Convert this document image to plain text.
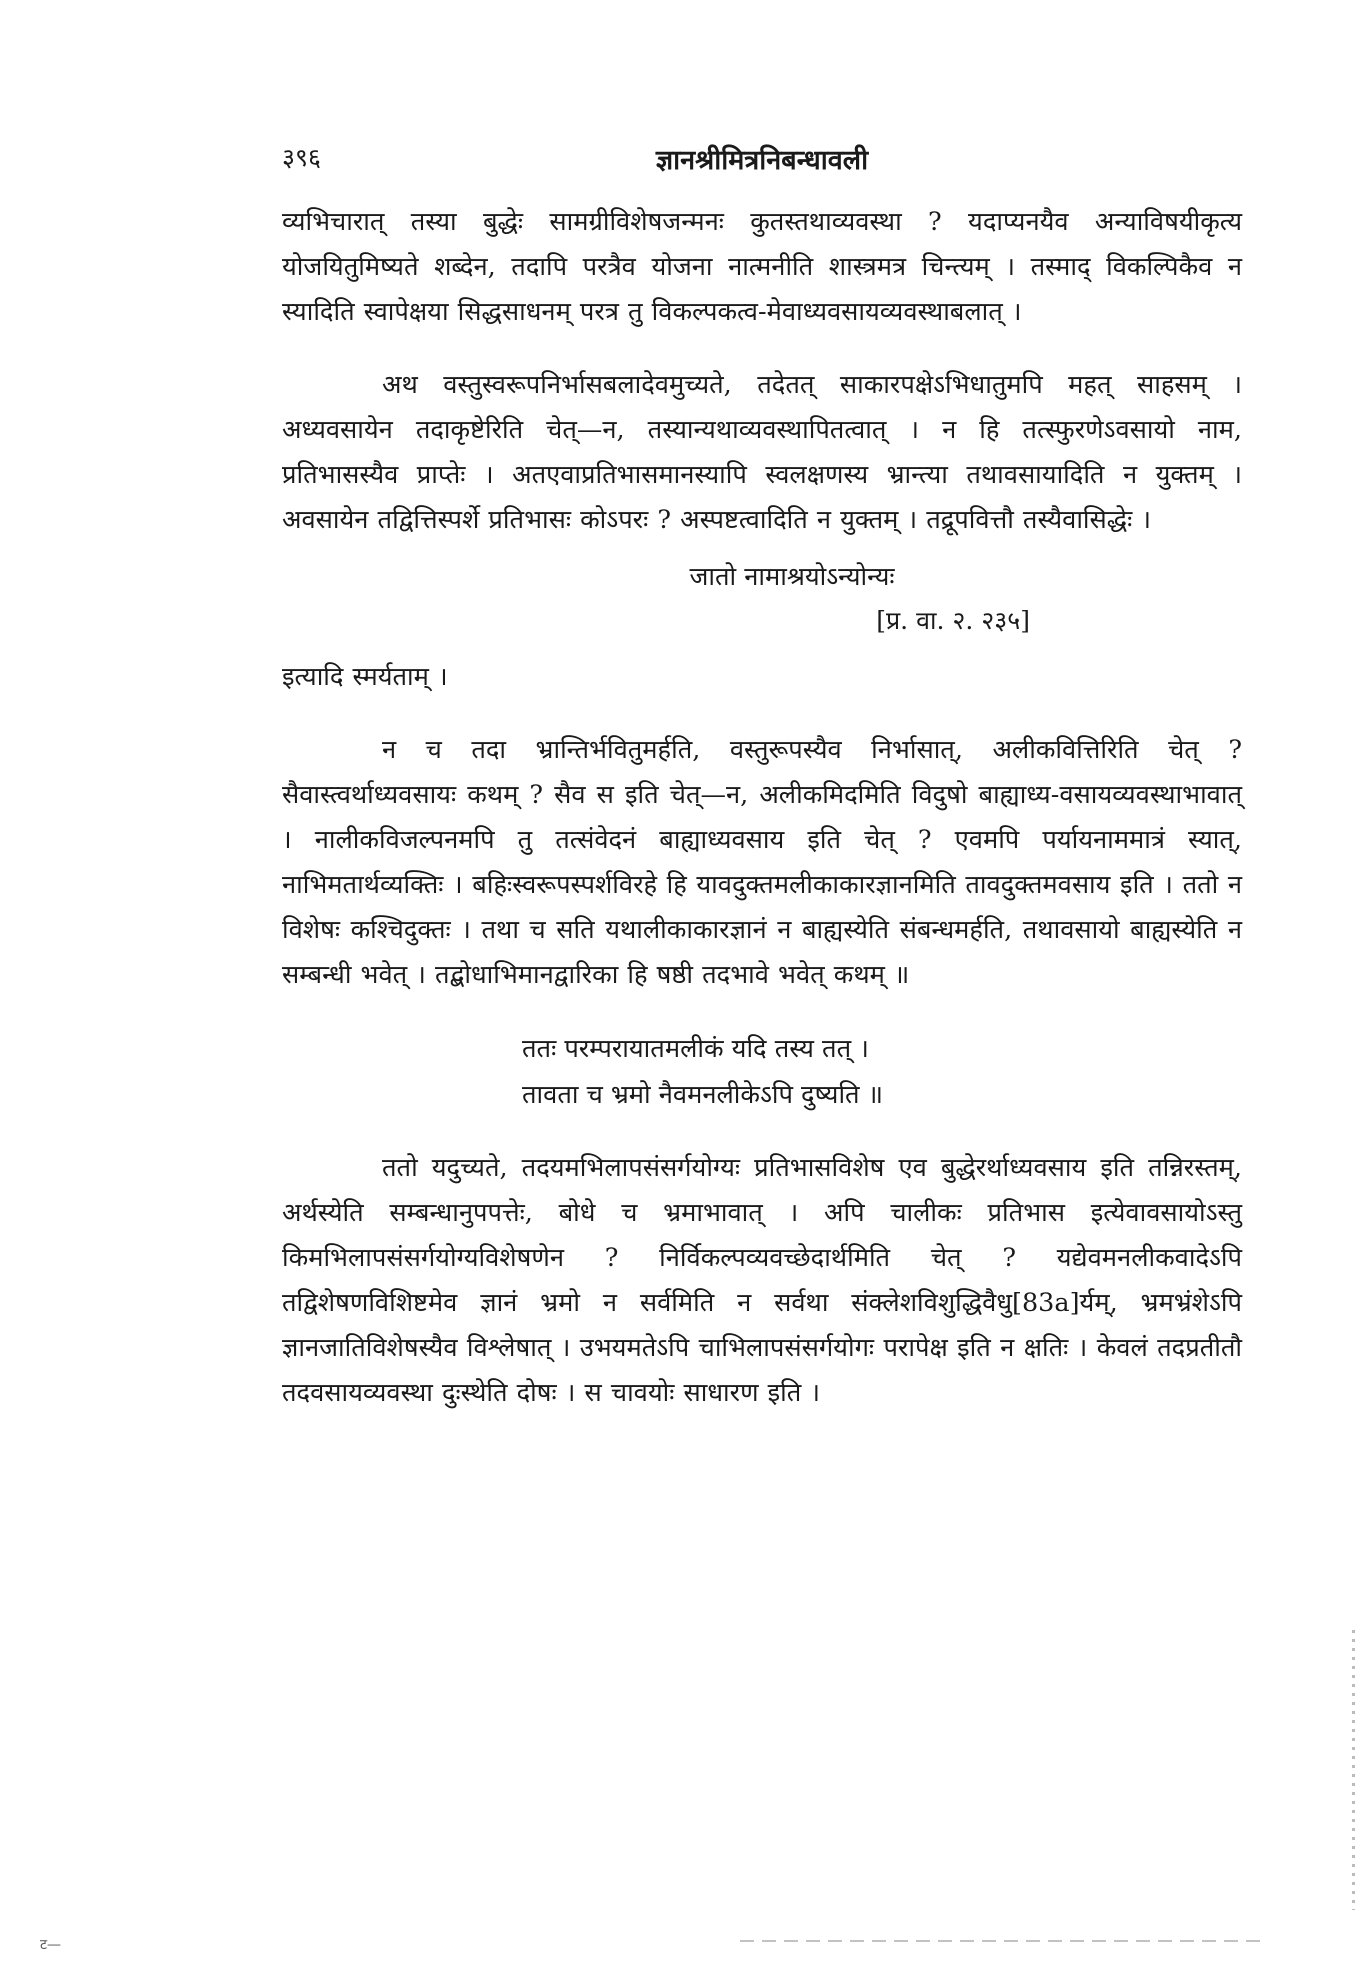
३९६	ज्ञानश्रीमित्रनिबन्धावली

व्यभिचारात् तस्या बुद्धेः सामग्रीविशेषजन्मनः कुतस्तथाव्यवस्था ? यदाप्यनयैव अन्याविषयीकृत्य योजयितुमिष्यते शब्देन, तदापि परत्रैव योजना नात्मनीति शास्त्रमत्र चिन्त्यम् । तस्माद् विकल्पिकैव न स्यादिति स्वापेक्षया सिद्धसाधनम् परत्र तु विकल्पकत्व-मेवाध्यवसायव्यवस्थाबलात् ।

अथ वस्तुस्वरूपनिर्भासबलादेवमुच्यते, तदेतत् साकारपक्षेऽभिधातुमपि महत् साहसम् । अध्यवसायेन तदाकृष्टेरिति चेत्—न, तस्यान्यथाव्यवस्थापितत्वात् । न हि तत्स्फुरणेऽवसायो नाम, प्रतिभासस्यैव प्राप्तेः । अतएवाप्रतिभासमानस्यापि स्वलक्षणस्य भ्रान्त्या तथावसायादिति न युक्तम् । अवसायेन तद्वित्तिस्पर्शे प्रतिभासः कोऽपरः ? अस्पष्टत्वादिति न युक्तम् । तद्रूपवित्तौ तस्यैवासिद्धेः ।

जातो नामाश्रयोऽन्योन्यः
[प्र. वा. २. २३५]

इत्यादि स्मर्यताम् ।

न च तदा भ्रान्तिर्भवितुमर्हति, वस्तुरूपस्यैव निर्भासात्, अलीकवित्तिरिति चेत् ? सैवास्त्वर्थाध्यवसायः कथम् ? सैव स इति चेत्—न, अलीकमिदमिति विदुषो बाह्याध्य-वसायव्यवस्थाभावात् । नालीकविजल्पनमपि तु तत्संवेदनं बाह्याध्यवसाय इति चेत् ? एवमपि पर्यायनाममात्रं स्यात्, नाभिमतार्थव्यक्तिः । बहिःस्वरूपस्पर्शविरहे हि यावदुक्तमलीकाकारज्ञानमिति तावदुक्तमवसाय इति । ततो न विशेषः कश्चिदुक्तः । तथा च सति यथालीकाकारज्ञानं न बाह्यस्येति संबन्धमर्हति, तथावसायो बाह्यस्येति न सम्बन्धी भवेत् । तद्बोधाभिमानद्वारिका हि षष्ठी तदभावे भवेत् कथम् ॥

ततः परम्परायातमलीकं यदि तस्य तत् ।
तावता च भ्रमो नैवमनलीकेऽपि दुष्यति ॥

ततो यदुच्यते, तदयमभिलापसंसर्गयोग्यः प्रतिभासविशेष एव बुद्धेरर्थाध्यवसाय इति तन्निरस्तम्, अर्थस्येति सम्बन्धानुपपत्तेः, बोधे च भ्रमाभावात् । अपि चालीकः प्रतिभास इत्येवावसायोऽस्तु किमभिलापसंसर्गयोग्यविशेषणेन ? निर्विकल्पव्यवच्छेदार्थमिति चेत् ? यद्येवमनलीकवादेऽपि तद्विशेषणविशिष्टमेव ज्ञानं भ्रमो न सर्वमिति न सर्वथा संक्लेशविशुद्धिवैधु[83a]र्यम्, भ्रमभ्रंशेऽपि ज्ञानजातिविशेषस्यैव विश्लेषात् । उभयमतेऽपि चाभिलापसंसर्गयोगः परापेक्ष इति न क्षतिः । केवलं तदप्रतीतौ तदवसायव्यवस्था दुःस्थेति दोषः । स चावयोः साधारण इति ।

ट—
